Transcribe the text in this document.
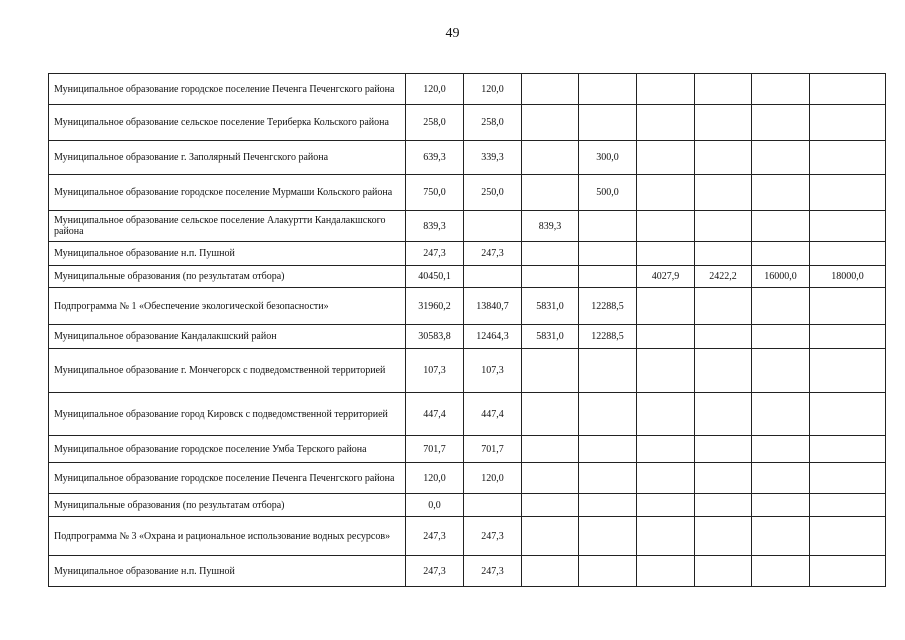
49
Муниципальное образование городское поселение Печенга Печенгского района	120,0	120,0						
Муниципальное образование сельское поселение Териберка Кольского района	258,0	258,0						
Муниципальное образование г. Заполярный Печенгского района	639,3	339,3		300,0				
Муниципальное образование городское поселение Мурмаши Кольского района	750,0	250,0		500,0				
Муниципальное образование сельское поселение Алакуртти Кандалакшского района	839,3		839,3					
Муниципальное образование н.п. Пушной	247,3	247,3						
Муниципальные образования (по результатам отбора)	40450,1				4027,9	2422,2	16000,0	18000,0
Подпрограмма № 1 «Обеспечение экологической безопасности»	31960,2	13840,7	5831,0	12288,5				
Муниципальное образование Кандалакшский район	30583,8	12464,3	5831,0	12288,5				
Муниципальное образование г. Мончегорск с подведомственной территорией	107,3	107,3						
Муниципальное образование город Кировск с подведомственной территорией	447,4	447,4						
Муниципальное образование городское поселение Умба Терского района	701,7	701,7						
Муниципальное образование городское поселение Печенга Печенгского района	120,0	120,0						
Муниципальные образования (по результатам отбора)	0,0							
Подпрограмма № 3 «Охрана и рациональное использование водных ресурсов»	247,3	247,3						
Муниципальное образование н.п. Пушной	247,3	247,3						
